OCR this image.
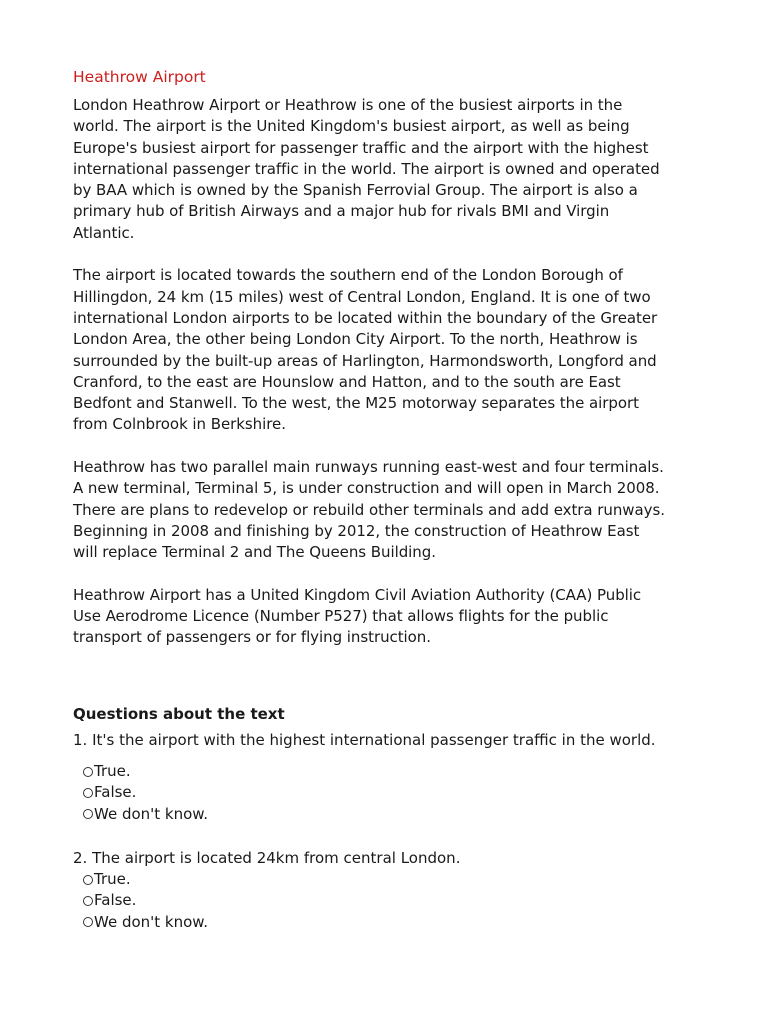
Heathrow Airport

London Heathrow Airport or Heathrow is one of the busiest airports in the
world. The airport is the United Kingdom's busiest airport, as well as being
Europe's busiest airport for passenger traffic and the airport with the highest
international passenger traffic in the world. The airport is owned and operated
by BAA which is owned by the Spanish Ferrovial Group. The airport is also a
primary hub of British Airways and a major hub for rivals BMI and Virgin
Atlantic.

The airport is located towards the southern end of the London Borough of
Hillingdon, 24 km (15 miles) west of Central London, England. It is one of two
international London airports to be located within the boundary of the Greater
London Area, the other being London City Airport. To the north, Heathrow is
surrounded by the built-up areas of Harlington, Harmondsworth, Longford and
Cranford, to the east are Hounslow and Hatton, and to the south are East
Bedfont and Stanwell. To the west, the M25 motorway separates the airport
from Colnbrook in Berkshire.

Heathrow has two parallel main runways running east-west and four terminals.
A new terminal, Terminal 5, is under construction and will open in March 2008.
There are plans to redevelop or rebuild other terminals and add extra runways.
Beginning in 2008 and finishing by 2012, the construction of Heathrow East
will replace Terminal 2 and The Queens Building.

Heathrow Airport has a United Kingdom Civil Aviation Authority (CAA) Public
Use Aerodrome Licence (Number P527) that allows flights for the public
transport of passengers or for flying instruction.

Questions about the text

1. It's the airport with the highest international passenger traffic in the world.

True.
False.
We don't know.

2. The airport is located 24km from central London.

True.
False.
We don't know.
